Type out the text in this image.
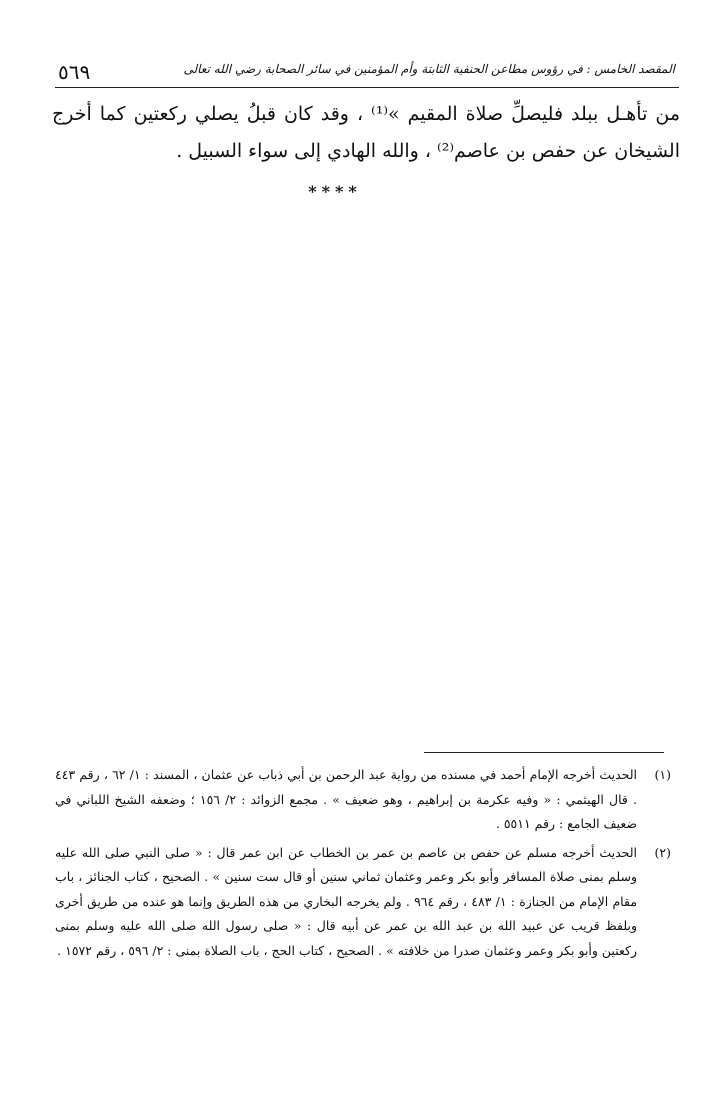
٥٦٩	المقصد الخامس : في رؤوس مطاعن الحنفية الثابتة وأم المؤمنين في سائر الصحابة رضي الله تعالى

من تأهـل ببلد فليصلِّ صلاة المقيم »⁽¹⁾ ، وقد كان قبلُ يصلي ركعتين كما أخرج الشيخان عن حفص بن عاصم⁽²⁾ ، والله الهادي إلى سواء السبيل .

****
(١)
الحديث أخرجه الإمام أحمد في مسنده من رواية عبد الرحمن بن أبي ذباب عن عثمان ، المسند : ١/ ٦٢ ، رقم ٤٤٣ . قال الهيثمي : « وفيه عكرمة بن إبراهيم ، وهو ضعيف » . مجمع الزوائد : ٢/ ١٥٦ ؛ وضعفه الشيخ اللباني في ضعيف الجامع : رقم ٥٥١١ .
(٢)
الحديث أخرجه مسلم عن حفص بن عاصم بن عمر بن الخطاب عن ابن عمر قال : « صلى النبي صلى الله عليه وسلم بمنى صلاة المسافر وأبو بكر وعمر وعثمان ثماني سنين أو قال ست سنين » . الصحيح ، كتاب الجنائز ، باب مقام الإمام من الجنازة : ١/ ٤٨٣ ، رقم ٩٦٤ . ولم يخرجه البخاري من هذه الطريق وإنما هو عنده من طريق أخرى وبلفظ قريب عن عبيد الله بن عبد الله بن عمر عن أبيه قال : « صلى رسول الله صلى الله عليه وسلم بمنى ركعتين وأبو بكر وعمر وعثمان صدرا من خلافته » . الصحيح ، كتاب الحج ، باب الصلاة بمنى : ٢/ ٥٩٦ ، رقم ١٥٧٢ .
